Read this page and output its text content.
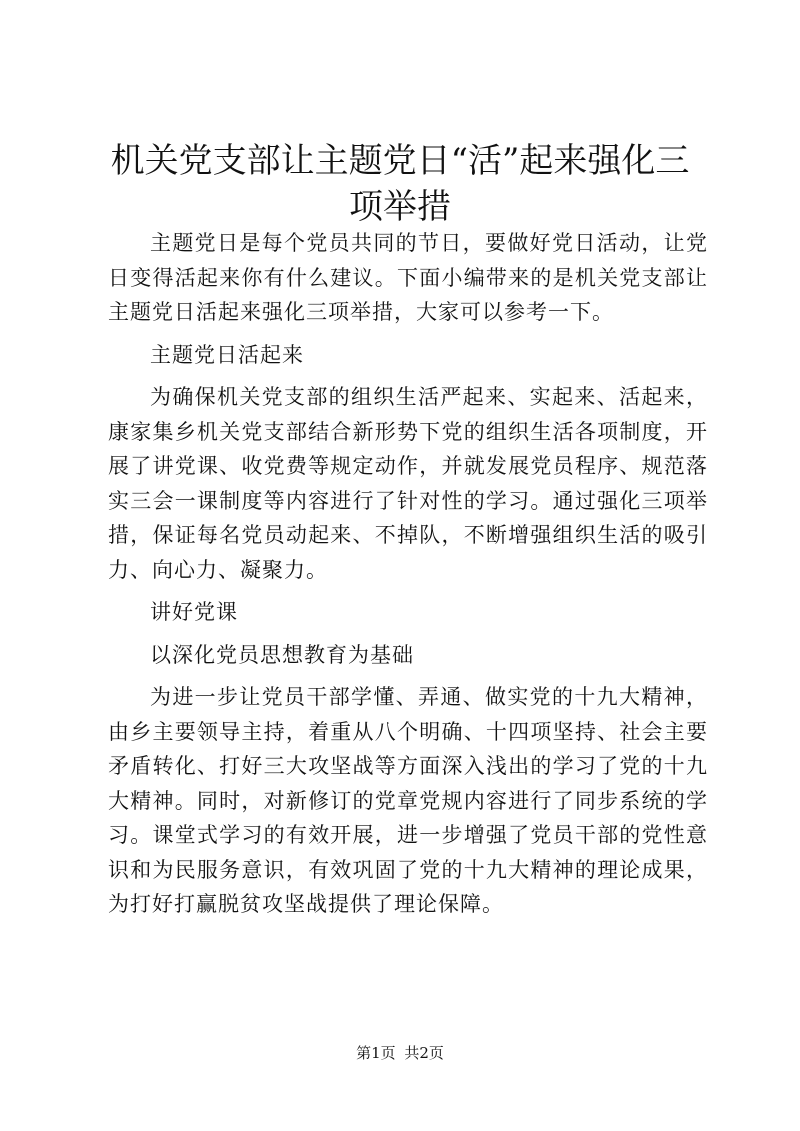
机关党支部让主题党日“活”起来强化三项举措

主题党日是每个党员共同的节日，要做好党日活动，让党日变得活起来你有什么建议。下面小编带来的是机关党支部让主题党日活起来强化三项举措，大家可以参考一下。

主题党日活起来

为确保机关党支部的组织生活严起来、实起来、活起来，康家集乡机关党支部结合新形势下党的组织生活各项制度，开展了讲党课、收党费等规定动作，并就发展党员程序、规范落实三会一课制度等内容进行了针对性的学习。通过强化三项举措，保证每名党员动起来、不掉队，不断增强组织生活的吸引力、向心力、凝聚力。

讲好党课

以深化党员思想教育为基础

为进一步让党员干部学懂、弄通、做实党的十九大精神，由乡主要领导主持，着重从八个明确、十四项坚持、社会主要矛盾转化、打好三大攻坚战等方面深入浅出的学习了党的十九大精神。同时，对新修订的党章党规内容进行了同步系统的学习。课堂式学习的有效开展，进一步增强了党员干部的党性意识和为民服务意识，有效巩固了党的十九大精神的理论成果，为打好打赢脱贫攻坚战提供了理论保障。

第1页 共2页
